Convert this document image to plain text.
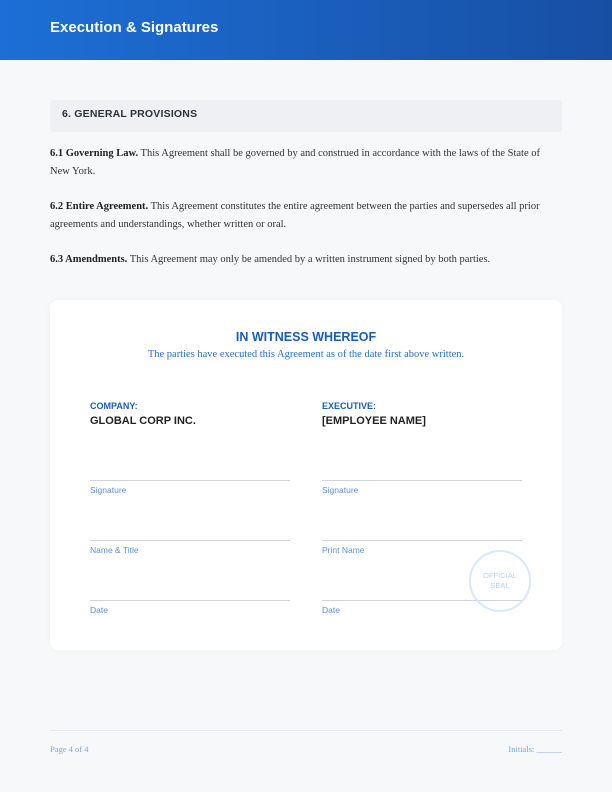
Execution & Signatures
6. GENERAL PROVISIONS

6.1 Governing Law. This Agreement shall be governed by and construed in accordance with the laws of the State of New York.

6.2 Entire Agreement. This Agreement constitutes the entire agreement between the parties and supersedes all prior agreements and understandings, whether written or oral.

6.3 Amendments. This Agreement may only be amended by a written instrument signed by both parties.

IN WITNESS WHEREOF
The parties have executed this Agreement as of the date first above written.
COMPANY:
GLOBAL CORP INC.
Signature
Name & Title
Date
EXECUTIVE:
[EMPLOYEE NAME]
Signature
Print Name
Date
OFFICIAL
SEAL
Page 4 of 4	Initials: ______
